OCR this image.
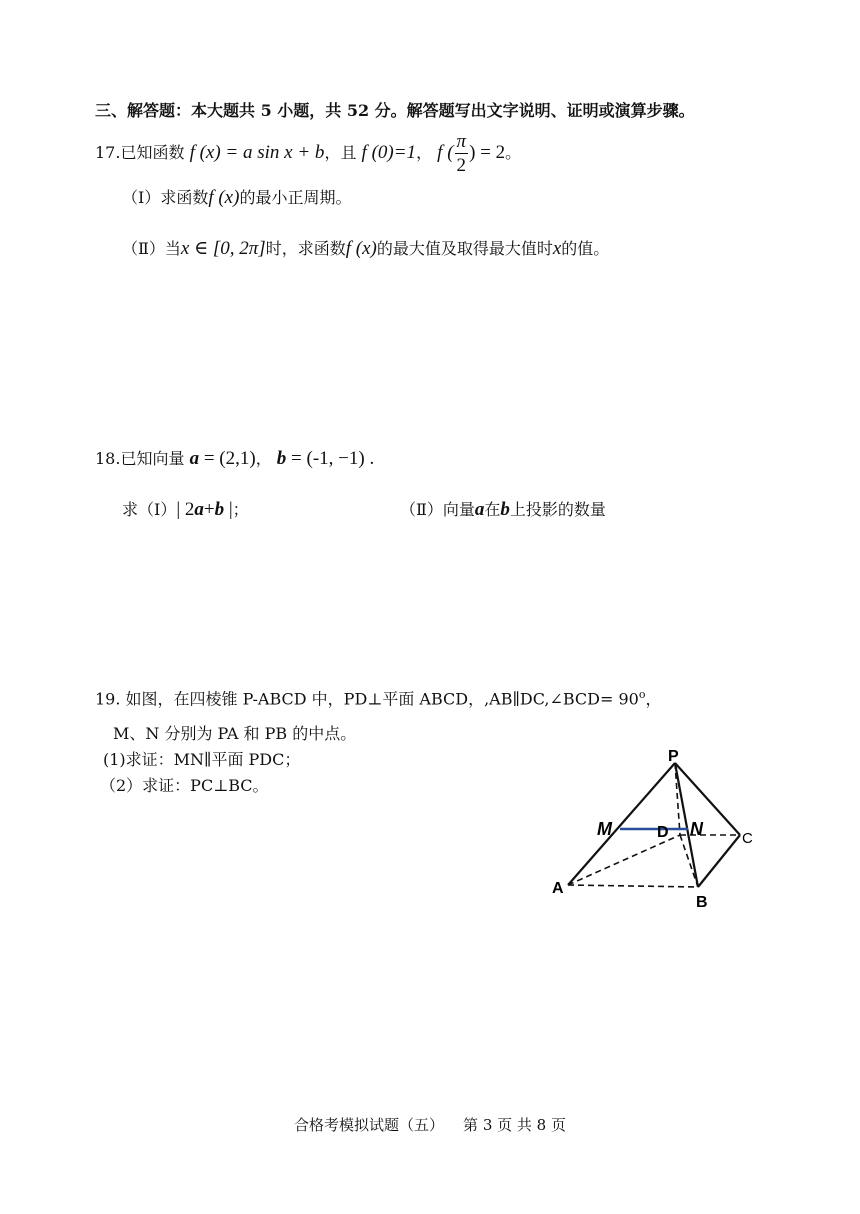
三、解答题：本大题共 5 小题，共 52 分。解答题写出文字说明、证明或演算步骤。
17.已知函数 f (x) = a sin x + b，且 f (0)=1， f ( $\frac{\pi}{2}$ ) = 2。
（Ⅰ）求函数f (x)的最小正周期。
（Ⅱ）当x ∈ [0, 2π]时，求函数f (x)的最大值及取得最大值时x的值。
18.已知向量 a = (2,1)， b = (-1, −1) .
求（Ⅰ）| 2a+b |；	（Ⅱ）向量a在b上投影的数量
19. 如图，在四棱锥 P-ABCD 中，PD⊥平面 ABCD，,AB∥DC,∠BCD= $90^o$，
M、N 分别为 PA 和 PB 的中点。
(1)求证：MN∥平面 PDC；
（2）求证：PC⊥BC。
P
M	D N	C
A
B
合格考模拟试题（五）    第 3 页 共 8 页
